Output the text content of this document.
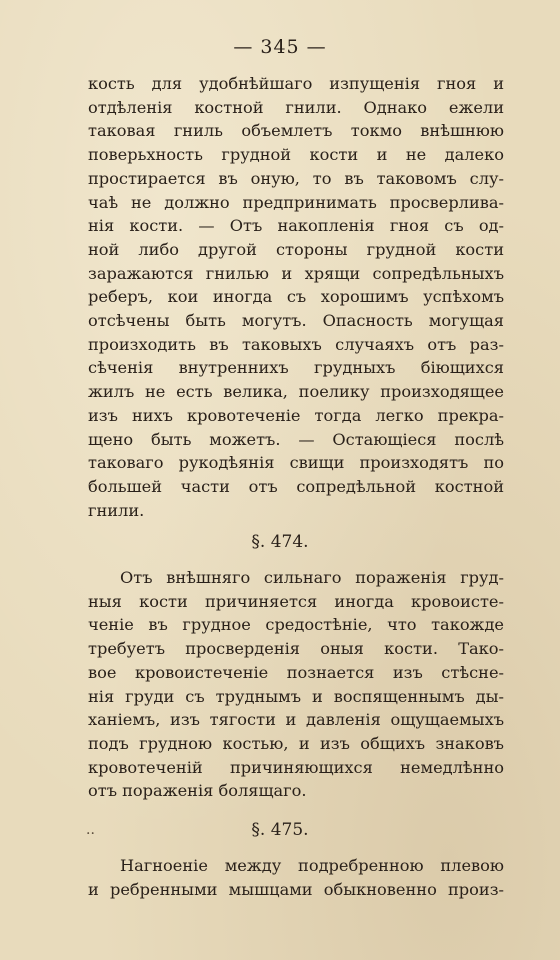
— 345 —
кость для удобнѣйшаго изпущенія гноя и
отдѣленія костной гнили. Однако ежели
таковая гниль объемлетъ токмо внѣшнюю
поверьхность грудной кости и не далеко
простирается въ оную, то въ таковомъ слу-
чаѣ не должно предпринимать просверлива-
нія кости. — Отъ накопленія гноя съ од-
ной либо другой стороны грудной кости
заражаются гнилью и хрящи сопредѣльныхъ
реберъ, кои иногда съ хорошимъ успѣхомъ
отсѣчены быть могутъ. Опасность могущая
произходить въ таковыхъ случаяхъ отъ раз-
сѣченія внутреннихъ грудныхъ біющихся
жилъ не есть велика, поелику произходящее
изъ нихъ кровотеченіе тогда легко прекра-
щено быть можетъ. — Остающіеся послѣ
таковаго рукодѣянія свищи произходятъ по
большей части отъ сопредѣльной костной
гнили.
§. 474.
Отъ внѣшняго сильнаго пораженія груд-
ныя кости причиняется иногда кровоисте-
ченіе въ грудное средостѣніе, что такожде
требуетъ просверденія оныя кости. Тако-
вое кровоистеченіе познается изъ стѣсне-
нія груди съ труднымъ и воспященнымъ ды-
ханіемъ, изъ тягости и давленія ощущаемыхъ
подъ грудною костью, и изъ общихъ знаковъ
кровотеченій причиняющихся немедлѣнно
отъ пораженія болящаго.
··	§. 475.
Нагноеніе между подребренною плевою
и ребренными мышцами обыкновенно произ-
